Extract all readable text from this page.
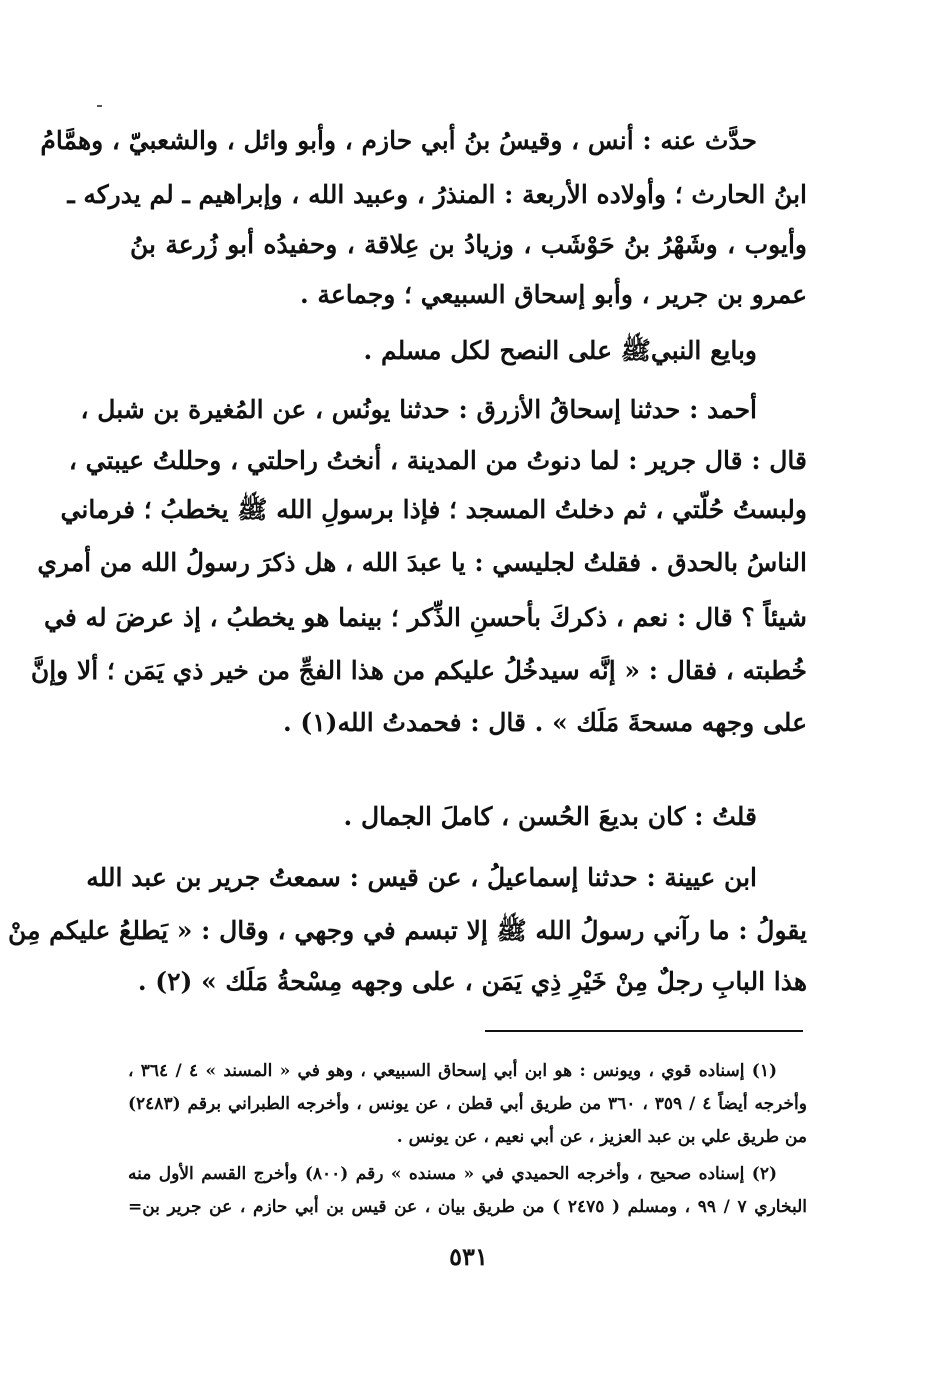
حدَّث عنه : أنس ، وقيسُ بنُ أبي حازم ، وأبو وائل ، والشعبيّ ، وهمَّامُ
ابنُ الحارث ؛ وأولاده الأربعة : المنذرُ ، وعبيد الله ، وإبراهيم ـ لم يدركه ـ
وأيوب ، وشَهْرُ بنُ حَوْشَب ، وزيادُ بن عِلاقة ، وحفيدُه أبو زُرعة بنُ
عمرو بن جرير ، وأبو إسحاق السبيعي ؛ وجماعة .
وبايع النبيﷺ على النصح لكل مسلم .
أحمد : حدثنا إسحاقُ الأزرق : حدثنا يونُس ، عن المُغيرة بن شبل ،
قال : قال جرير : لما دنوتُ من المدينة ، أنختُ راحلتي ، وحللتُ عيبتي ،
ولبستُ حُلّتي ، ثم دخلتُ المسجد ؛ فإذا برسولِ الله ﷺ يخطبُ ؛ فرماني
الناسُ بالحدق . فقلتُ لجليسي : يا عبدَ الله ، هل ذكرَ رسولُ الله من أمري
شيئاً ؟ قال : نعم ، ذكركَ بأحسنِ الذِّكر ؛ بينما هو يخطبُ ، إذ عرضَ له في
خُطبته ، فقال : « إنَّه سيدخُلُ عليكم من هذا الفجِّ من خير ذي يَمَن ؛ ألا وإنَّ
على وجهه مسحةَ مَلَك » . قال : فحمدتُ الله(١) .
قلتُ : كان بديعَ الحُسن ، كاملَ الجمال .
ابن عيينة : حدثنا إسماعيلُ ، عن قيس : سمعتُ جرير بن عبد الله
يقولُ : ما رآني رسولُ الله ﷺ إلا تبسم في وجهي ، وقال : « يَطلعُ عليكم مِنْ
هذا البابِ رجلٌ مِنْ خَيْرِ ذِي يَمَن ، على وجهه مِسْحةُ مَلَك » (٢) .
(١) إسناده قوي ، ويونس : هو ابن أبي إسحاق السبيعي ، وهو في « المسند » ٤ / ٣٦٤ ،
وأخرجه أيضاً ٤ / ٣٥٩ ، ٣٦٠ من طريق أبي قطن ، عن يونس ، وأخرجه الطبراني برقم (٢٤٨٣)
من طريق علي بن عبد العزيز ، عن أبي نعيم ، عن يونس .
(٢) إسناده صحيح ، وأخرجه الحميدي في « مسنده » رقم (٨٠٠) وأخرج القسم الأول منه
البخاري ٧ / ٩٩ ، ومسلم ( ٢٤٧٥ ) من طريق بيان ، عن قيس بن أبي حازم ، عن جرير بن=
٥٣١
